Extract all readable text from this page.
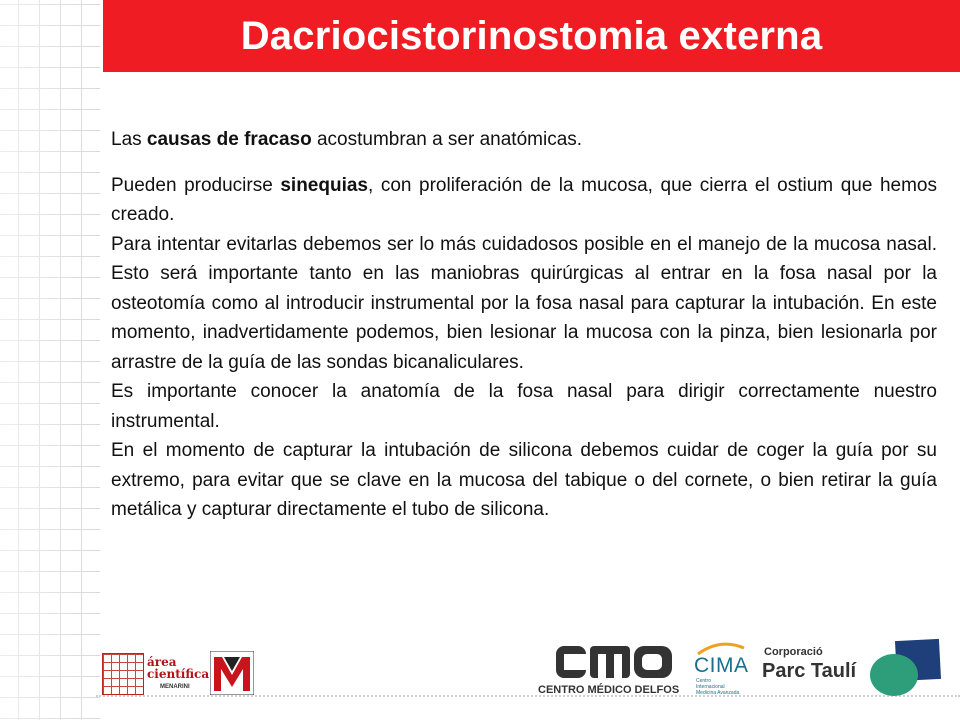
Dacriocistorinostomia externa

Las causas de fracaso acostumbran a ser anatómicas.

Pueden producirse sinequias, con proliferación de la mucosa, que cierra el ostium que hemos creado.

Para intentar evitarlas debemos ser lo más cuidadosos posible en el manejo de la mucosa nasal. Esto será importante tanto en las maniobras quirúrgicas al entrar en la fosa nasal por la osteotomía como al introducir instrumental por la fosa nasal para capturar la intubación. En este momento, inadvertidamente podemos, bien lesionar la mucosa con la pinza, bien lesionarla por arrastre de la guía de las sondas bicanaliculares.

Es importante conocer la anatomía de la fosa nasal para dirigir correctamente nuestro instrumental.

En el momento de capturar la intubación de silicona debemos cuidar de coger la guía por su extremo, para evitar que se clave en la mucosa del tabique o del cornete, o bien retirar la guía metálica y capturar directamente el tubo de silicona.

área
científica
MENARINI	CENTRO MÉDICO DELFOS
CIMA
Centro Internacional Medicina Avanzada
Corporació
Parc Taulí
